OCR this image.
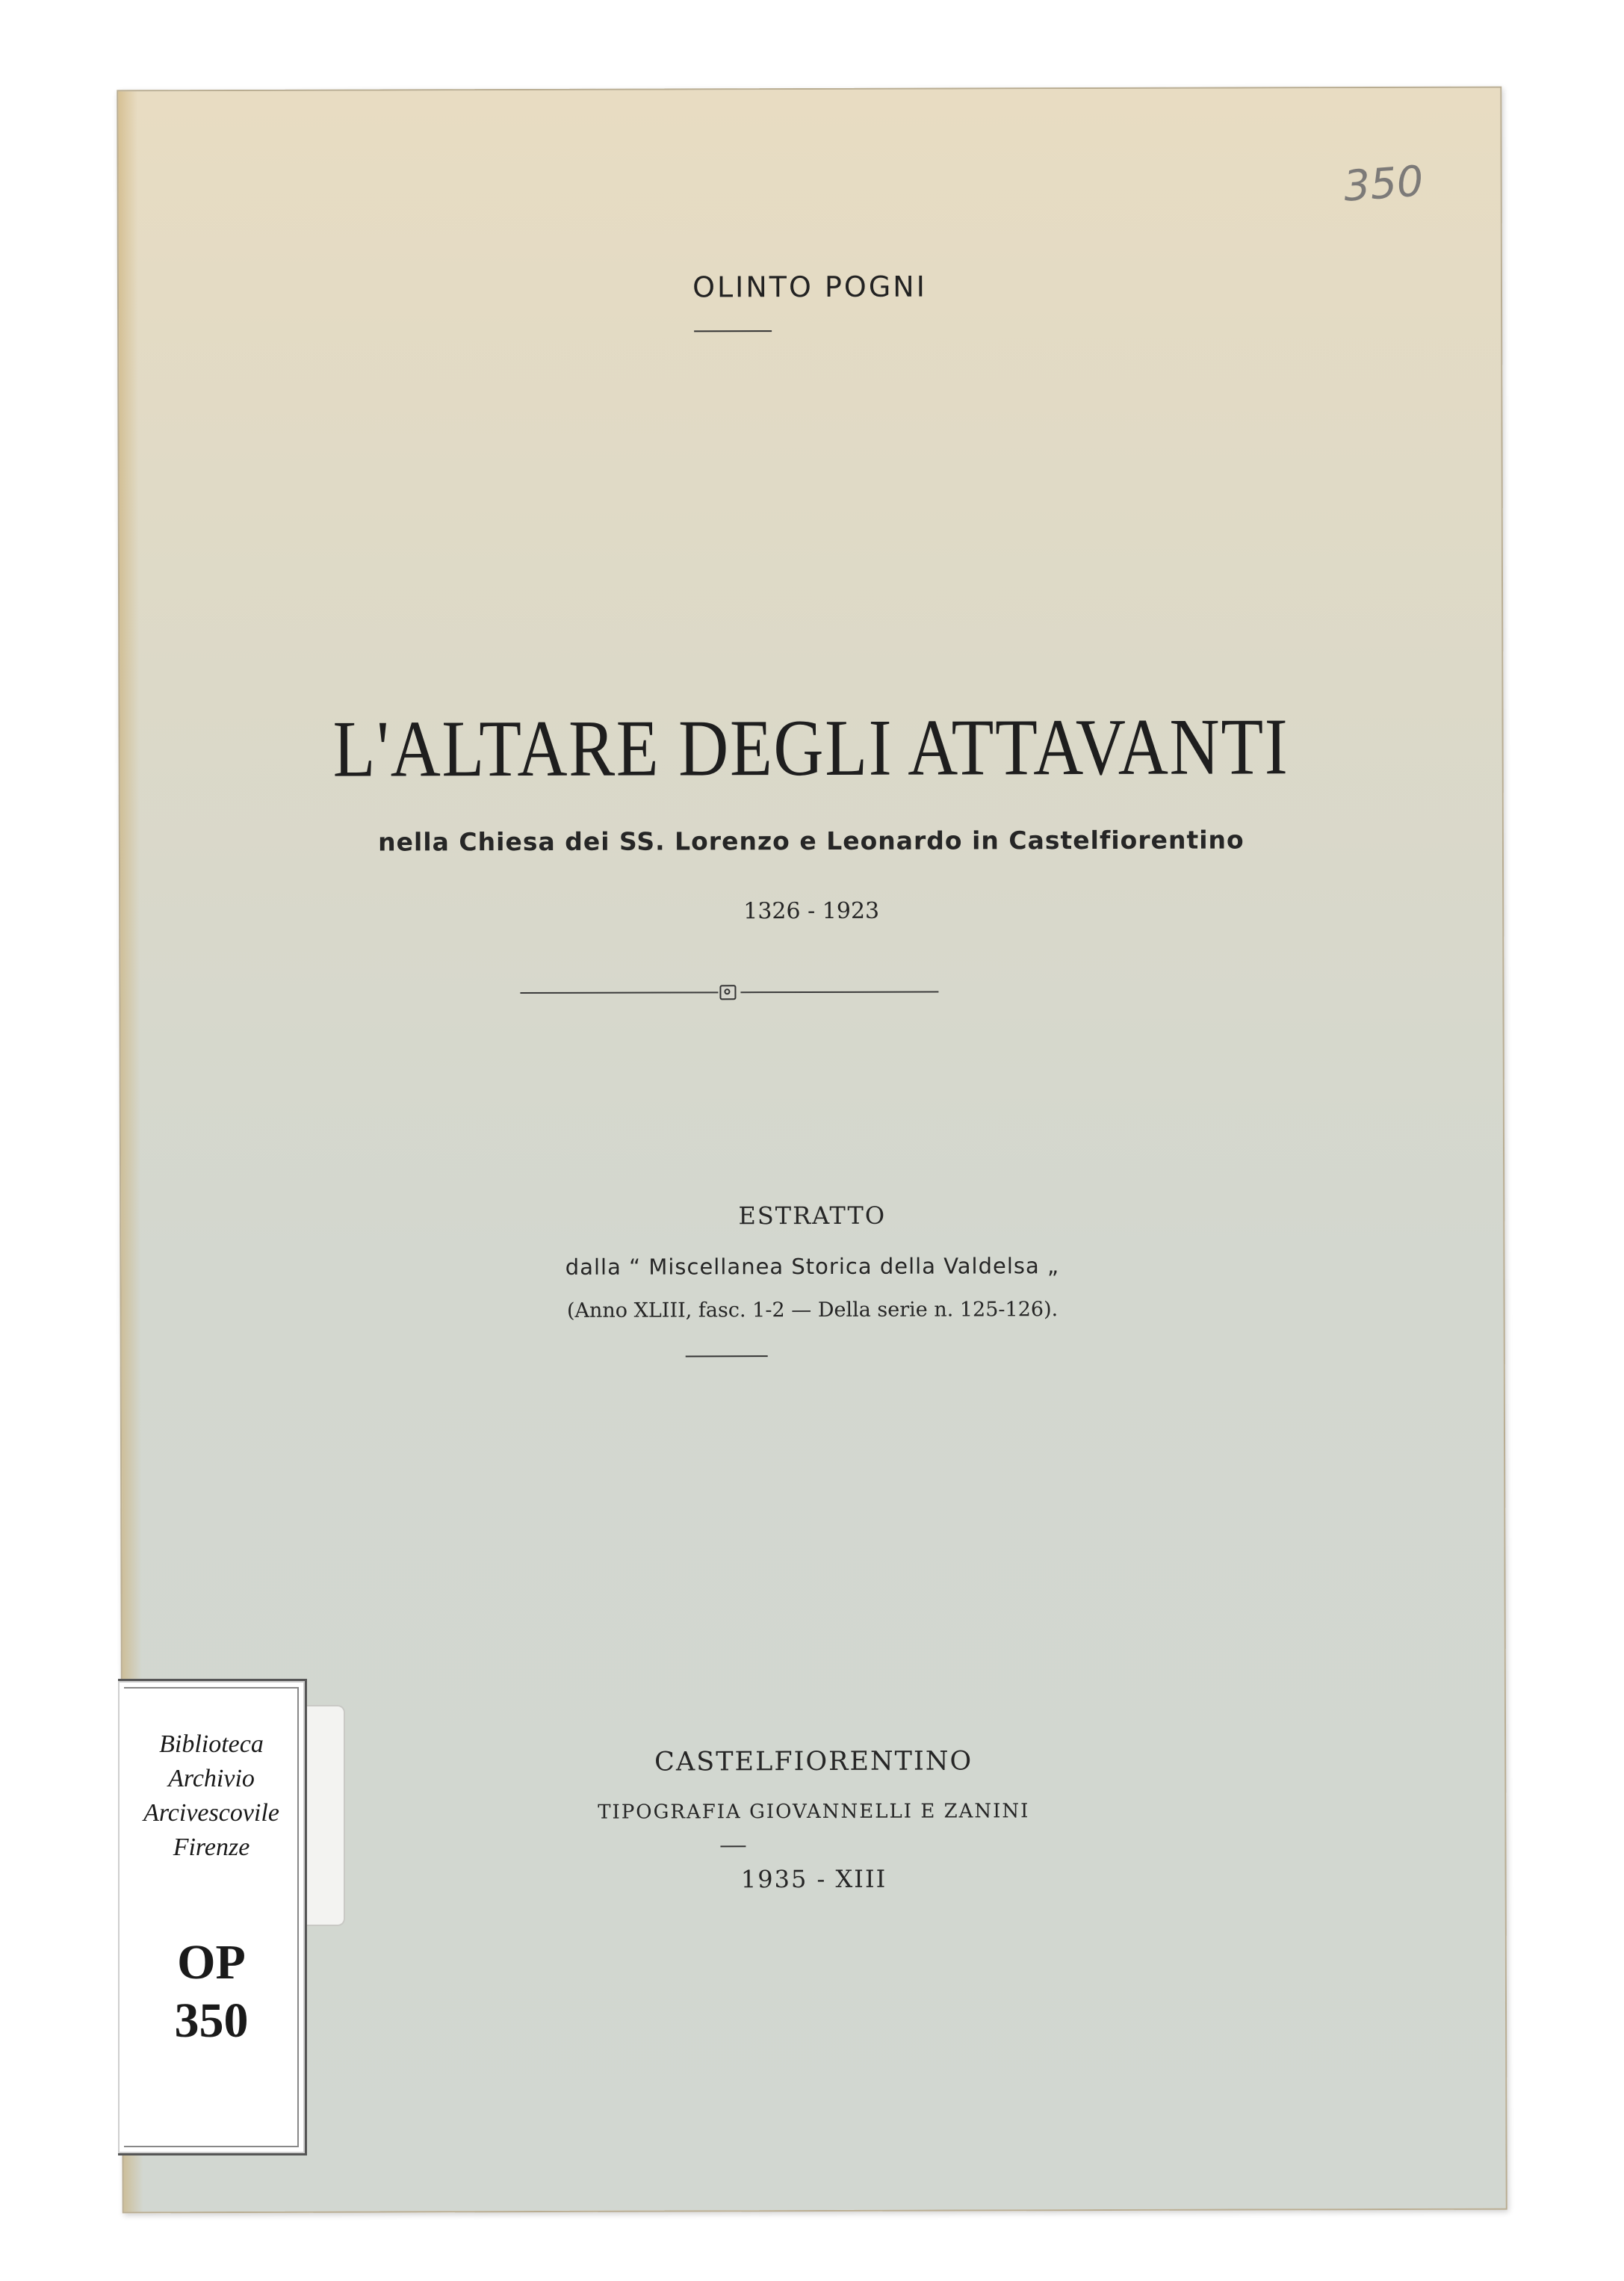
350
OLINTO POGNI
L'ALTARE DEGLI ATTAVANTI
nella Chiesa dei SS. Lorenzo e Leonardo in Castelfiorentino
1326 - 1923
ESTRATTO
dalla “ Miscellanea Storica della Valdelsa „
(Anno XLIII, fasc. 1-2 — Della serie n. 125-126).
CASTELFIORENTINO
TIPOGRAFIA GIOVANNELLI E ZANINI
1935 - XIII
Biblioteca
Archivio
Arcivescovile
Firenze
OP
350
